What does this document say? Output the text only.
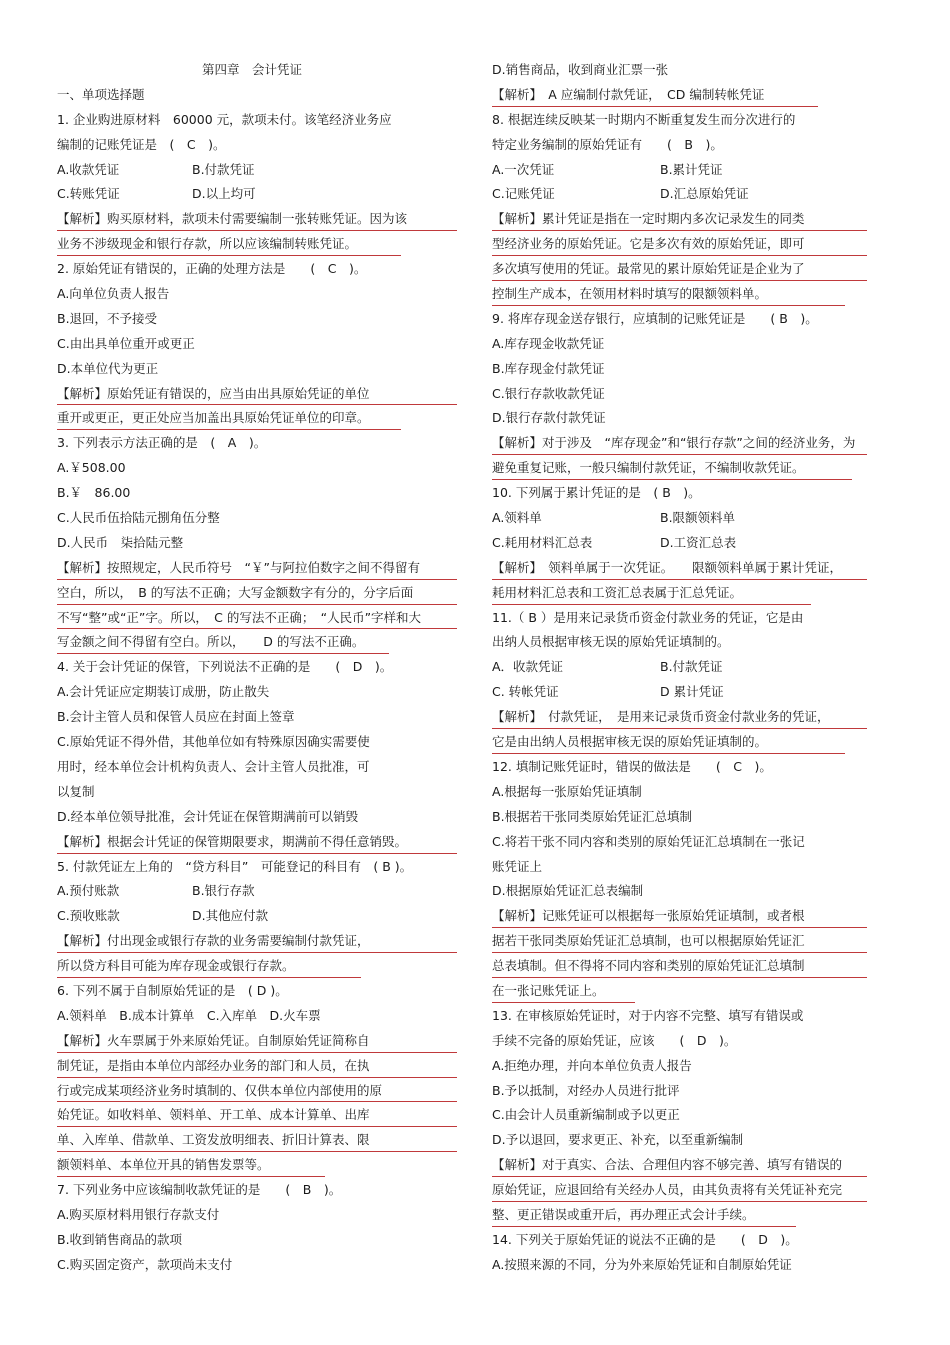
第四章　会计凭证
一、单项选择题
1. 企业购进原材料　60000 元，款项未付。该笔经济业务应
编制的记账凭证是　(　C　)。
A.收款凭证	B.付款凭证
C.转账凭证	D.以上均可
【解析】购买原材料，款项未付需要编制一张转账凭证。因为该
业务不涉级现金和银行存款，所以应该编制转账凭证。
2. 原始凭证有错误的，正确的处理方法是　　(　C　)。
A.向单位负责人报告
B.退回，不予接受
C.由出具单位重开或更正
D.本单位代为更正
【解析】原始凭证有错误的，应当由出具原始凭证的单位
重开或更正，更正处应当加盖出具原始凭证单位的印章。
3. 下列表示方法正确的是　(　A　)。
A.￥508.00
B.￥　86.00
C.人民币伍拾陆元捌角伍分整
D.人民币　柒拾陆元整
【解析】按照规定，人民币符号　“￥”与阿拉伯数字之间不得留有
空白，所以，　B 的写法不正确；大写金额数字有分的，分字后面
不写“整”或“正”字。所以，　C 的写法不正确；　“人民币”字样和大
写金额之间不得留有空白。所以，　　D 的写法不正确。
4. 关于会计凭证的保管，下列说法不正确的是　　(　D　)。
A.会计凭证应定期装订成册，防止散失
B.会计主管人员和保管人员应在封面上签章
C.原始凭证不得外借，其他单位如有特殊原因确实需要使
用时，经本单位会计机构负责人、会计主管人员批准，可
以复制
D.经本单位领导批准，会计凭证在保管期满前可以销毁
【解析】根据会计凭证的保管期限要求，期满前不得任意销毁。
5. 付款凭证左上角的　“贷方科目”　可能登记的科目有　( B )。
A.预付账款	B.银行存款
C.预收账款	D.其他应付款
【解析】付出现金或银行存款的业务需要编制付款凭证，
所以贷方科目可能为库存现金或银行存款。
6. 下列不属于自制原始凭证的是　( D )。
A.领料单　B.成本计算单　C.入库单　D.火车票
【解析】火车票属于外来原始凭证。自制原始凭证简称自
制凭证，是指由本单位内部经办业务的部门和人员，在执
行或完成某项经济业务时填制的、仅供本单位内部使用的原
始凭证。如收料单、领料单、开工单、成本计算单、出库
单、入库单、借款单、工资发放明细表、折旧计算表、限
额领料单、本单位开具的销售发票等。
7. 下列业务中应该编制收款凭证的是　　(　B　)。
A.购买原材料用银行存款支付
B.收到销售商品的款项
C.购买固定资产，款项尚未支付
D.销售商品，收到商业汇票一张
【解析】　A 应编制付款凭证，　CD 编制转帐凭证
8. 根据连续反映某一时期内不断重复发生而分次进行的
特定业务编制的原始凭证有　　(　B　)。
A.一次凭证	B.累计凭证
C.记账凭证	D.汇总原始凭证
【解析】累计凭证是指在一定时期内多次记录发生的同类
型经济业务的原始凭证。它是多次有效的原始凭证，即可
多次填写使用的凭证。最常见的累计原始凭证是企业为了
控制生产成本，在领用材料时填写的限额领料单。
9. 将库存现金送存银行，应填制的记账凭证是　　( B　)。
A.库存现金收款凭证
B.库存现金付款凭证
C.银行存款收款凭证
D.银行存款付款凭证
【解析】对于涉及　“库存现金”和“银行存款”之间的经济业务，为
避免重复记账，一般只编制付款凭证，不编制收款凭证。
10. 下列属于累计凭证的是　( B　)。
A.领料单	B.限额领料单
C.耗用材料汇总表	D.工资汇总表
【解析】　领料单属于一次凭证。　　限额领料单属于累计凭证，
耗用材料汇总表和工资汇总表属于汇总凭证。
11.（ B ）是用来记录货币资金付款业务的凭证，它是由
出纳人员根据审核无误的原始凭证填制的。
A．收款凭证	B.付款凭证
C. 转帐凭证	D 累计凭证
【解析】　付款凭证，　是用来记录货币资金付款业务的凭证，
它是由出纳人员根据审核无误的原始凭证填制的。
12. 填制记账凭证时，错误的做法是　　(　C　)。
A.根据每一张原始凭证填制
B.根据若干张同类原始凭证汇总填制
C.将若干张不同内容和类别的原始凭证汇总填制在一张记
账凭证上
D.根据原始凭证汇总表编制
【解析】记账凭证可以根据每一张原始凭证填制，或者根
据若干张同类原始凭证汇总填制，也可以根据原始凭证汇
总表填制。但不得将不同内容和类别的原始凭证汇总填制
在一张记账凭证上。
13. 在审核原始凭证时，对于内容不完整、填写有错误或
手续不完备的原始凭证，应该　　(　D　)。
A.拒绝办理，并向本单位负责人报告
B.予以抵制，对经办人员进行批评
C.由会计人员重新编制或予以更正
D.予以退回，要求更正、补充，以至重新编制
【解析】对于真实、合法、合理但内容不够完善、填写有错误的
原始凭证，应退回给有关经办人员，由其负责将有关凭证补充完
整、更正错误或重开后，再办理正式会计手续。
14. 下列关于原始凭证的说法不正确的是　　(　D　)。
A.按照来源的不同，分为外来原始凭证和自制原始凭证
